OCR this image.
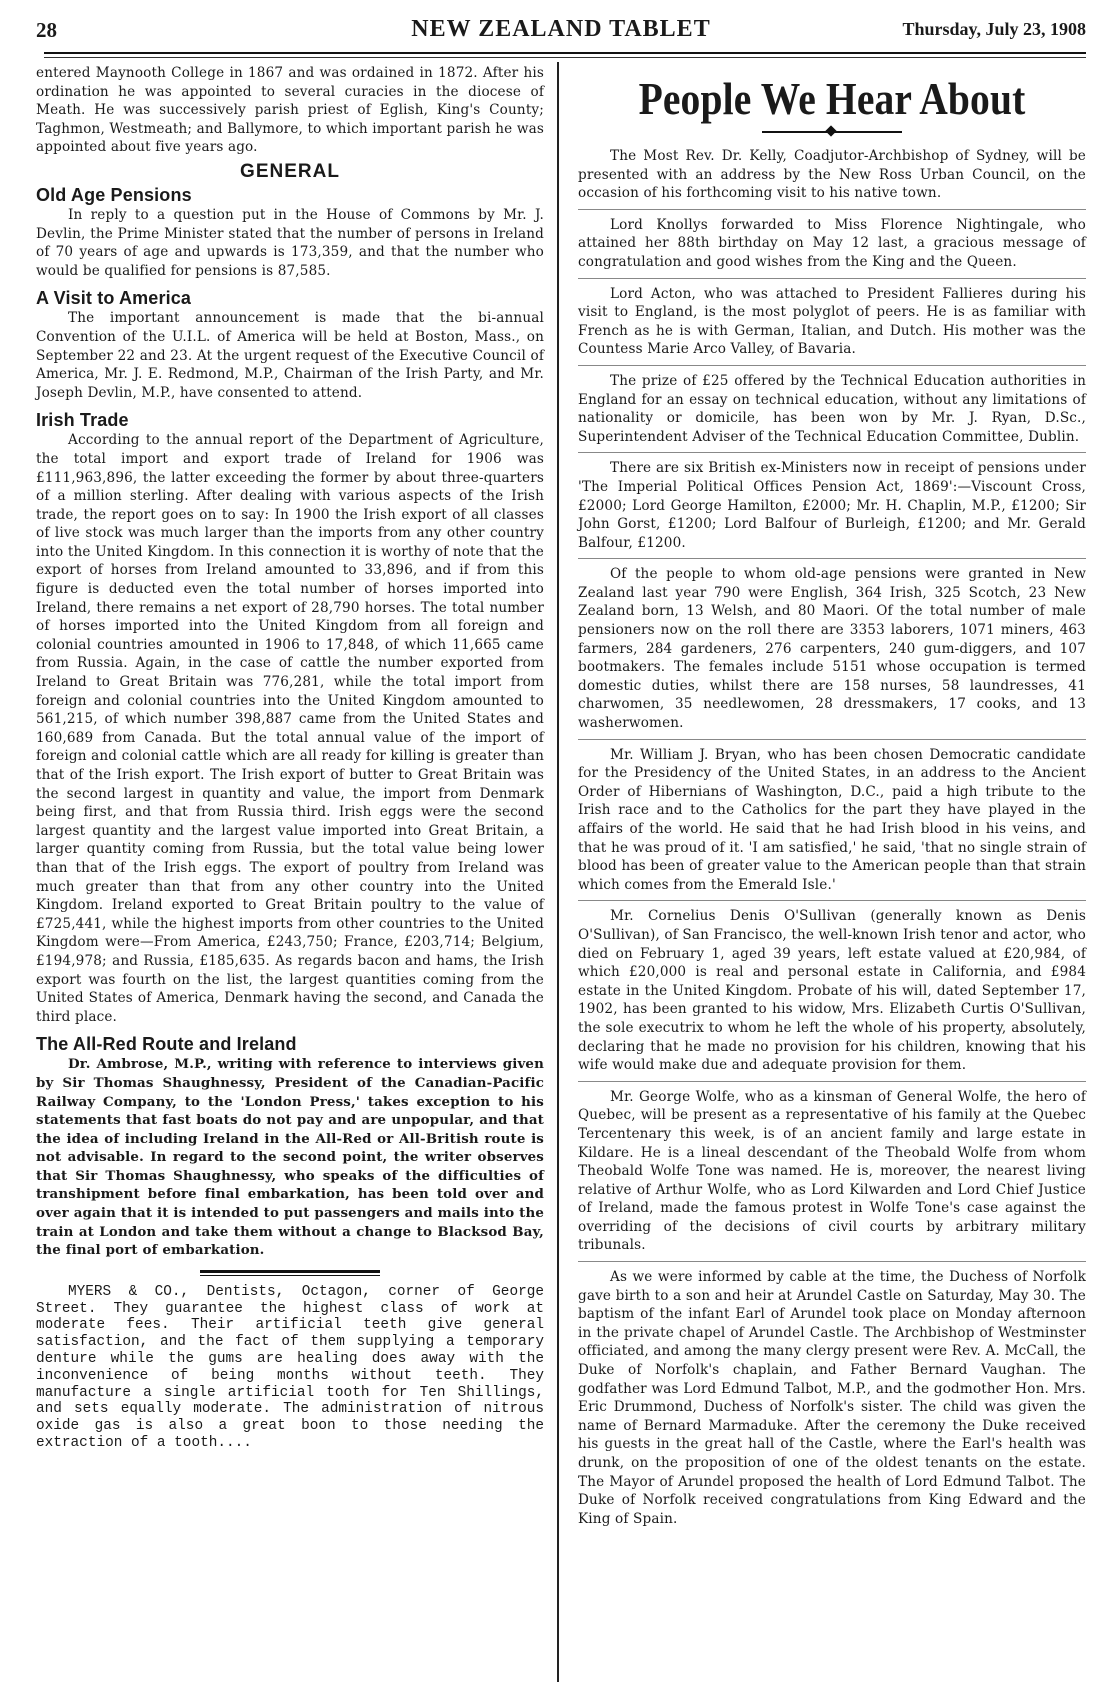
28	NEW ZEALAND TABLET	Thursday, July 23, 1908

entered Maynooth College in 1867 and was ordained in 1872. After his ordination he was appointed to several curacies in the diocese of Meath. He was successively parish priest of Eglish, King's County; Taghmon, Westmeath; and Ballymore, to which important parish he was appointed about five years ago.

GENERAL
Old Age Pensions

In reply to a question put in the House of Commons by Mr. J. Devlin, the Prime Minister stated that the number of persons in Ireland of 70 years of age and upwards is 173,359, and that the number who would be qualified for pensions is 87,585.

A Visit to America

The important announcement is made that the bi-annual Convention of the U.I.L. of America will be held at Boston, Mass., on September 22 and 23. At the urgent request of the Executive Council of America, Mr. J. E. Redmond, M.P., Chairman of the Irish Party, and Mr. Joseph Devlin, M.P., have consented to attend.

Irish Trade

According to the annual report of the Department of Agriculture, the total import and export trade of Ireland for 1906 was £111,963,896, the latter exceeding the former by about three-quarters of a million sterling. After dealing with various aspects of the Irish trade, the report goes on to say: In 1900 the Irish export of all classes of live stock was much larger than the imports from any other country into the United Kingdom. In this connection it is worthy of note that the export of horses from Ireland amounted to 33,896, and if from this figure is deducted even the total number of horses imported into Ireland, there remains a net export of 28,790 horses. The total number of horses imported into the United Kingdom from all foreign and colonial countries amounted in 1906 to 17,848, of which 11,665 came from Russia. Again, in the case of cattle the number exported from Ireland to Great Britain was 776,281, while the total import from foreign and colonial countries into the United Kingdom amounted to 561,215, of which number 398,887 came from the United States and 160,689 from Canada. But the total annual value of the import of foreign and colonial cattle which are all ready for killing is greater than that of the Irish export. The Irish export of butter to Great Britain was the second largest in quantity and value, the import from Denmark being first, and that from Russia third. Irish eggs were the second largest quantity and the largest value imported into Great Britain, a larger quantity coming from Russia, but the total value being lower than that of the Irish eggs. The export of poultry from Ireland was much greater than that from any other country into the United Kingdom. Ireland exported to Great Britain poultry to the value of £725,441, while the highest imports from other countries to the United Kingdom were—From America, £243,750; France, £203,714; Belgium, £194,978; and Russia, £185,635. As regards bacon and hams, the Irish export was fourth on the list, the largest quantities coming from the United States of America, Denmark having the second, and Canada the third place.

The All-Red Route and Ireland

Dr. Ambrose, M.P., writing with reference to interviews given by Sir Thomas Shaughnessy, President of the Canadian-Pacific Railway Company, to the 'London Press,' takes exception to his statements that fast boats do not pay and are unpopular, and that the idea of including Ireland in the All-Red or All-British route is not advisable. In regard to the second point, the writer observes that Sir Thomas Shaughnessy, who speaks of the difficulties of transhipment before final embarkation, has been told over and over again that it is intended to put passengers and mails into the train at London and take them without a change to Blacksod Bay, the final port of embarkation.

MYERS & CO., Dentists, Octagon, corner of George Street. They guarantee the highest class of work at moderate fees. Their artificial teeth give general satisfaction, and the fact of them supplying a temporary denture while the gums are healing does away with the inconvenience of being months without teeth. They manufacture a single artificial tooth for Ten Shillings, and sets equally moderate. The administration of nitrous oxide gas is also a great boon to those needing the extraction of a tooth....

People We Hear About

The Most Rev. Dr. Kelly, Coadjutor-Archbishop of Sydney, will be presented with an address by the New Ross Urban Council, on the occasion of his forthcoming visit to his native town.

Lord Knollys forwarded to Miss Florence Nightingale, who attained her 88th birthday on May 12 last, a gracious message of congratulation and good wishes from the King and the Queen.

Lord Acton, who was attached to President Fallieres during his visit to England, is the most polyglot of peers. He is as familiar with French as he is with German, Italian, and Dutch. His mother was the Countess Marie Arco Valley, of Bavaria.

The prize of £25 offered by the Technical Education authorities in England for an essay on technical education, without any limitations of nationality or domicile, has been won by Mr. J. Ryan, D.Sc., Superintendent Adviser of the Technical Education Committee, Dublin.

There are six British ex-Ministers now in receipt of pensions under 'The Imperial Political Offices Pension Act, 1869':—Viscount Cross, £2000; Lord George Hamilton, £2000; Mr. H. Chaplin, M.P., £1200; Sir John Gorst, £1200; Lord Balfour of Burleigh, £1200; and Mr. Gerald Balfour, £1200.

Of the people to whom old-age pensions were granted in New Zealand last year 790 were English, 364 Irish, 325 Scotch, 23 New Zealand born, 13 Welsh, and 80 Maori. Of the total number of male pensioners now on the roll there are 3353 laborers, 1071 miners, 463 farmers, 284 gardeners, 276 carpenters, 240 gum-diggers, and 107 bootmakers. The females include 5151 whose occupation is termed domestic duties, whilst there are 158 nurses, 58 laundresses, 41 charwomen, 35 needlewomen, 28 dressmakers, 17 cooks, and 13 washerwomen.

Mr. William J. Bryan, who has been chosen Democratic candidate for the Presidency of the United States, in an address to the Ancient Order of Hibernians of Washington, D.C., paid a high tribute to the Irish race and to the Catholics for the part they have played in the affairs of the world. He said that he had Irish blood in his veins, and that he was proud of it. 'I am satisfied,' he said, 'that no single strain of blood has been of greater value to the American people than that strain which comes from the Emerald Isle.'

Mr. Cornelius Denis O'Sullivan (generally known as Denis O'Sullivan), of San Francisco, the well-known Irish tenor and actor, who died on February 1, aged 39 years, left estate valued at £20,984, of which £20,000 is real and personal estate in California, and £984 estate in the United Kingdom. Probate of his will, dated September 17, 1902, has been granted to his widow, Mrs. Elizabeth Curtis O'Sullivan, the sole executrix to whom he left the whole of his property, absolutely, declaring that he made no provision for his children, knowing that his wife would make due and adequate provision for them.

Mr. George Wolfe, who as a kinsman of General Wolfe, the hero of Quebec, will be present as a representative of his family at the Quebec Tercentenary this week, is of an ancient family and large estate in Kildare. He is a lineal descendant of the Theobald Wolfe from whom Theobald Wolfe Tone was named. He is, moreover, the nearest living relative of Arthur Wolfe, who as Lord Kilwarden and Lord Chief Justice of Ireland, made the famous protest in Wolfe Tone's case against the overriding of the decisions of civil courts by arbitrary military tribunals.

As we were informed by cable at the time, the Duchess of Norfolk gave birth to a son and heir at Arundel Castle on Saturday, May 30. The baptism of the infant Earl of Arundel took place on Monday afternoon in the private chapel of Arundel Castle. The Archbishop of Westminster officiated, and among the many clergy present were Rev. A. McCall, the Duke of Norfolk's chaplain, and Father Bernard Vaughan. The godfather was Lord Edmund Talbot, M.P., and the godmother Hon. Mrs. Eric Drummond, Duchess of Norfolk's sister. The child was given the name of Bernard Marmaduke. After the ceremony the Duke received his guests in the great hall of the Castle, where the Earl's health was drunk, on the proposition of one of the oldest tenants on the estate. The Mayor of Arundel proposed the health of Lord Edmund Talbot. The Duke of Norfolk received congratulations from King Edward and the King of Spain.
